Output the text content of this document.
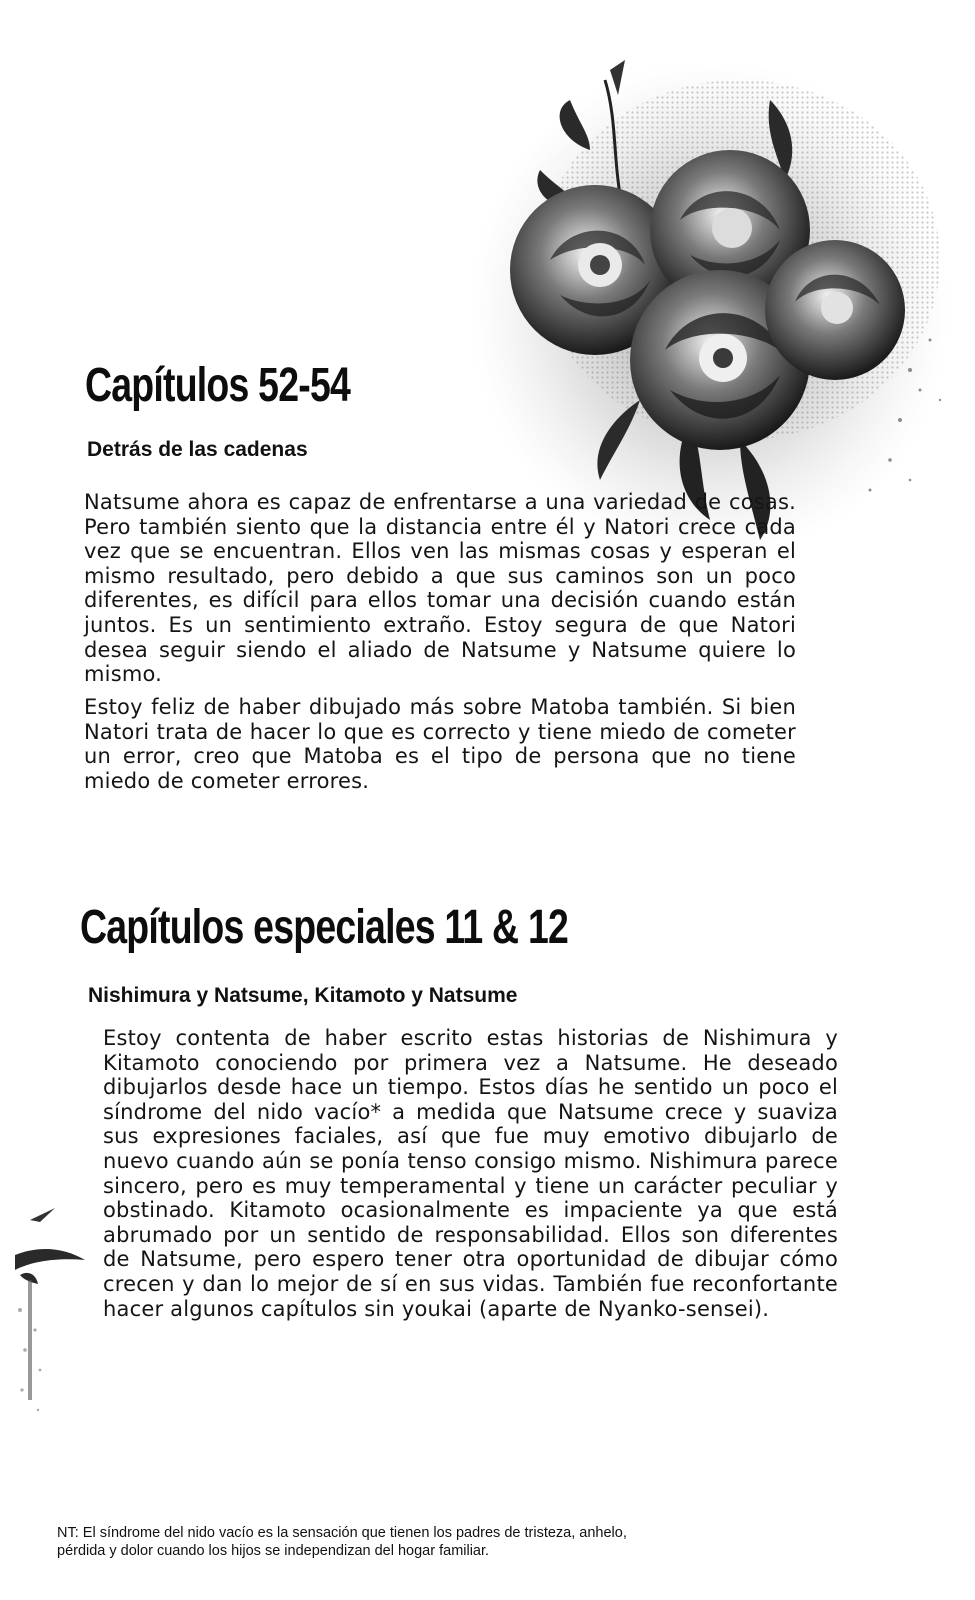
Capítulos 52-54
Detrás de las cadenas

Natsume ahora es capaz de enfrentarse a una variedad de cosas. Pero también siento que la distancia entre él y Natori crece cada vez que se encuentran. Ellos ven las mismas cosas y esperan el mismo resultado, pero debido a que sus caminos son un poco diferentes, es difícil para ellos tomar una decisión cuando están juntos. Es un sentimiento extraño. Estoy segura de que Natori desea seguir siendo el aliado de Natsume y Natsume quiere lo mismo.

Estoy feliz de haber dibujado más sobre Matoba también. Si bien Natori trata de hacer lo que es correcto y tiene miedo de cometer un error, creo que Matoba es el tipo de persona que no tiene miedo de cometer errores.

Capítulos especiales 11 & 12
Nishimura y Natsume, Kitamoto y Natsume

Estoy contenta de haber escrito estas historias de Nishimura y Kitamoto conociendo por primera vez a Natsume. He deseado dibujarlos desde hace un tiempo. Estos días he sentido un poco el síndrome del nido vacío* a medida que Natsume crece y suaviza sus expresiones faciales, así que fue muy emotivo dibujarlo de nuevo cuando aún se ponía tenso consigo mismo. Nishimura parece sincero, pero es muy temperamental y tiene un carácter peculiar y obstinado. Kitamoto ocasionalmente es impaciente ya que está abrumado por un sentido de responsabilidad. Ellos son diferentes de Natsume, pero espero tener otra oportunidad de dibujar cómo crecen y dan lo mejor de sí en sus vidas. También fue reconfortante hacer algunos capítulos sin youkai (aparte de Nyanko-sensei).

NT: El síndrome del nido vacío es la sensación que tienen los padres de tristeza, anhelo, pérdida y dolor cuando los hijos se independizan del hogar familiar.
